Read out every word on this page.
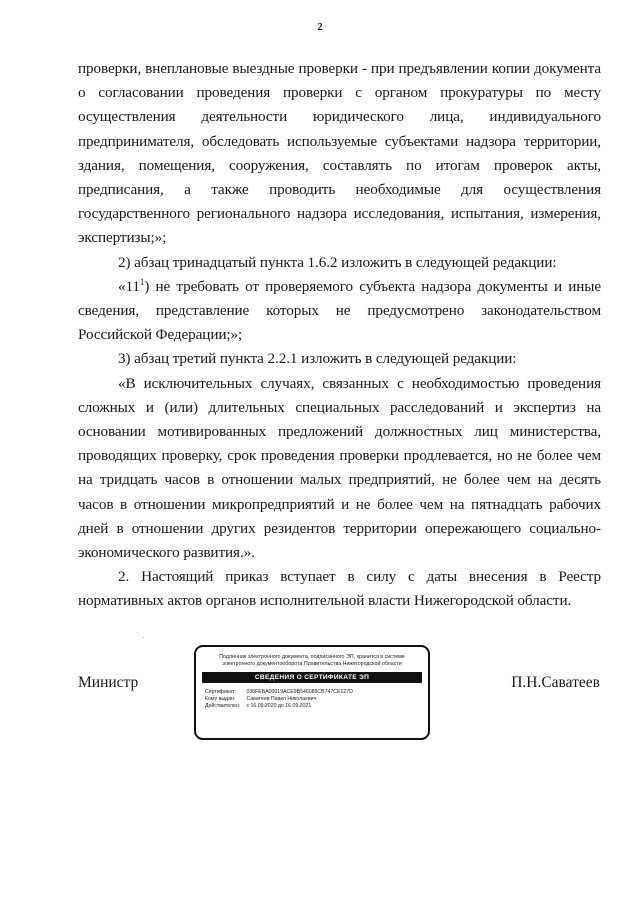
2

проверки, внеплановые выездные проверки - при предъявлении копии документа о согласовании проведения проверки с органом прокуратуры по месту осуществления деятельности юридического лица, индивидуального предпринимателя, обследовать используемые субъектами надзора территории, здания, помещения, сооружения, составлять по итогам проверок акты, предписания, а также проводить необходимые для осуществления государственного регионального надзора исследования, испытания, измерения, экспертизы;»;

2) абзац тринадцатый пункта 1.6.2 изложить в следующей редакции:

«$11^1$) не требовать от проверяемого субъекта надзора документы и иные сведения, представление которых не предусмотрено законодательством Российской Федерации;»;

3) абзац третий пункта 2.2.1 изложить в следующей редакции:

«В исключительных случаях, связанных с необходимостью проведения сложных и (или) длительных специальных расследований и экспертиз на основании мотивированных предложений должностных лиц министерства, проводящих проверку, срок проведения проверки продлевается, но не более чем на тридцать часов в отношении малых предприятий, не более чем на десять часов в отношении микропредприятий и не более чем на пятнадцать рабочих дней в отношении других резидентов территории опережающего социально-экономического развития.».

2. Настоящий приказ вступает в силу с даты внесения в Реестр нормативных актов органов исполнительной власти Нижегородской области.

Министр	П.Н.Саватеев
Подлинник электронного документа, подписанного ЭП, хранится в системе электронного документооборота Правительства Нижегородской области
СВЕДЕНИЯ О СЕРТИФИКАТЕ ЭП
Сертификат: 036FEBA00019ACE9B546089CB747CE127D
Кому выдан: Саватеев Павел Николаевич
Действителен: с 16.09.2020 до 16.09.2021
